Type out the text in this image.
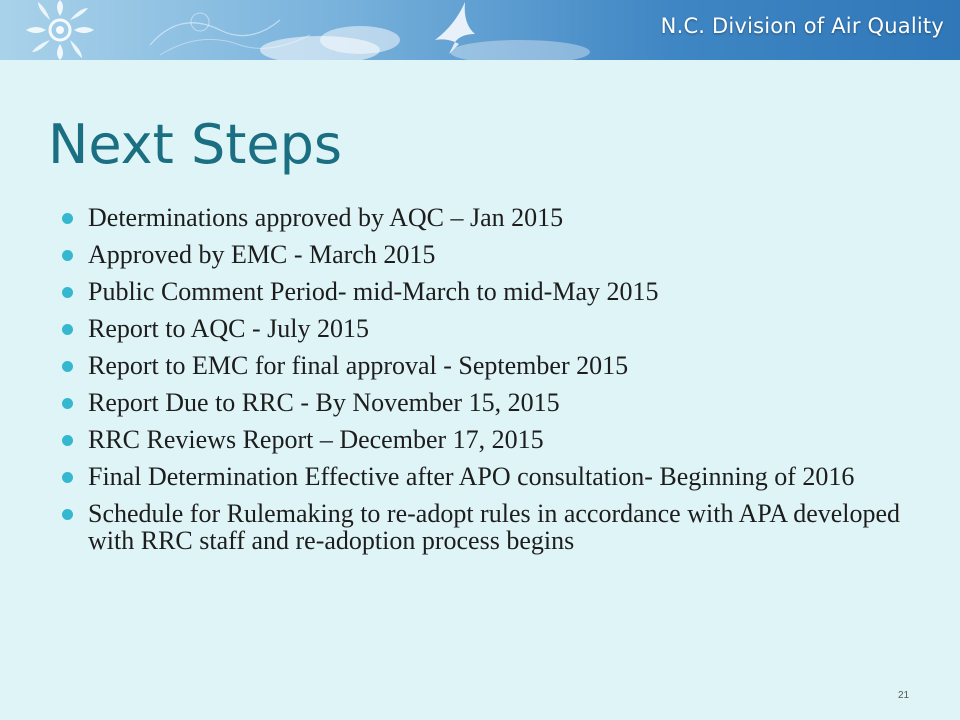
N.C. Division of Air Quality
Next Steps
Determinations approved by AQC – Jan 2015
Approved by EMC - March 2015
Public Comment Period- mid-March to mid-May 2015
Report to AQC - July 2015
Report to EMC for final approval - September 2015
Report Due to RRC - By November 15, 2015
RRC Reviews Report – December 17, 2015
Final Determination Effective after APO consultation- Beginning of 2016
Schedule for Rulemaking to re-adopt rules in accordance with APA developed with RRC staff and re-adoption process begins
21
